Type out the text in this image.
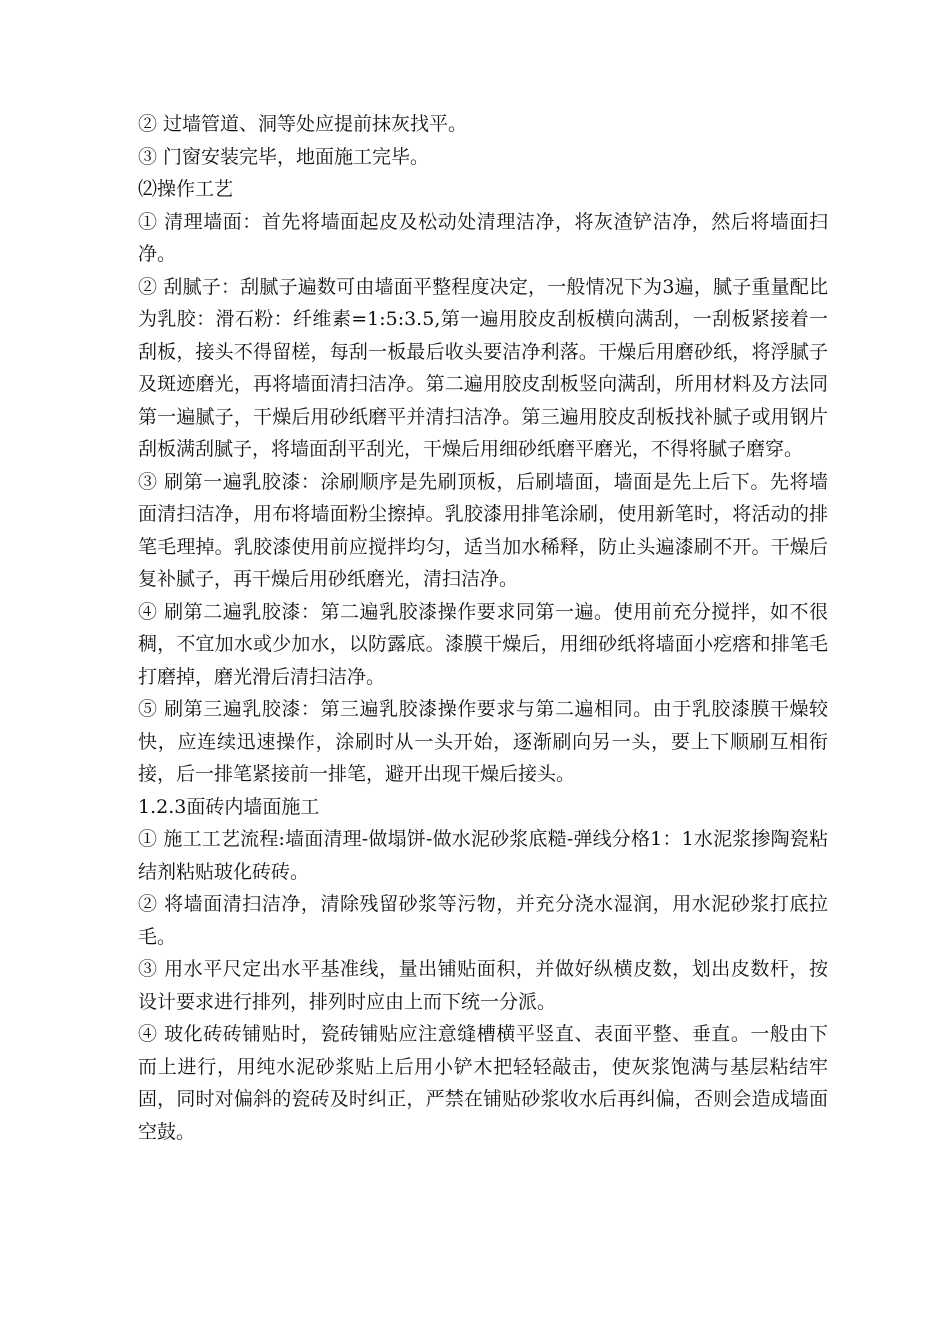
② 过墙管道、洞等处应提前抹灰找平。

③ 门窗安装完毕，地面施工完毕。

⑵操作工艺

① 清理墙面：首先将墙面起皮及松动处清理洁净，将灰渣铲洁净，然后将墙面扫净。

② 刮腻子：刮腻子遍数可由墙面平整程度决定，一般情况下为3遍，腻子重量配比为乳胶：滑石粉：纤维素=1:5:3.5,第一遍用胶皮刮板横向满刮，一刮板紧接着一刮板，接头不得留槎，每刮一板最后收头要洁净利落。干燥后用磨砂纸，将浮腻子及斑迹磨光，再将墙面清扫洁净。第二遍用胶皮刮板竖向满刮，所用材料及方法同第一遍腻子，干燥后用砂纸磨平并清扫洁净。第三遍用胶皮刮板找补腻子或用钢片刮板满刮腻子，将墙面刮平刮光，干燥后用细砂纸磨平磨光，不得将腻子磨穿。

③ 刷第一遍乳胶漆：涂刷顺序是先刷顶板，后刷墙面，墙面是先上后下。先将墙面清扫洁净，用布将墙面粉尘擦掉。乳胶漆用排笔涂刷，使用新笔时，将活动的排笔毛理掉。乳胶漆使用前应搅拌均匀，适当加水稀释，防止头遍漆刷不开。干燥后复补腻子，再干燥后用砂纸磨光，清扫洁净。

④ 刷第二遍乳胶漆：第二遍乳胶漆操作要求同第一遍。使用前充分搅拌，如不很稠，不宜加水或少加水，以防露底。漆膜干燥后，用细砂纸将墙面小疙瘩和排笔毛打磨掉，磨光滑后清扫洁净。

⑤ 刷第三遍乳胶漆：第三遍乳胶漆操作要求与第二遍相同。由于乳胶漆膜干燥较快，应连续迅速操作，涂刷时从一头开始，逐渐刷向另一头，要上下顺刷互相衔接，后一排笔紧接前一排笔，避开出现干燥后接头。

1.2.3面砖内墙面施工

① 施工工艺流程:墙面清理-做塌饼-做水泥砂浆底糙-弹线分格1：1水泥浆掺陶瓷粘结剂粘贴玻化砖砖。

② 将墙面清扫洁净，清除残留砂浆等污物，并充分浇水湿润，用水泥砂浆打底拉毛。

③ 用水平尺定出水平基准线，量出铺贴面积，并做好纵横皮数，划出皮数杆，按设计要求进行排列，排列时应由上而下统一分派。

④ 玻化砖砖铺贴时，瓷砖铺贴应注意缝槽横平竖直、表面平整、垂直。一般由下而上进行，用纯水泥砂浆贴上后用小铲木把轻轻敲击，使灰浆饱满与基层粘结牢固，同时对偏斜的瓷砖及时纠正，严禁在铺贴砂浆收水后再纠偏，否则会造成墙面空鼓。
